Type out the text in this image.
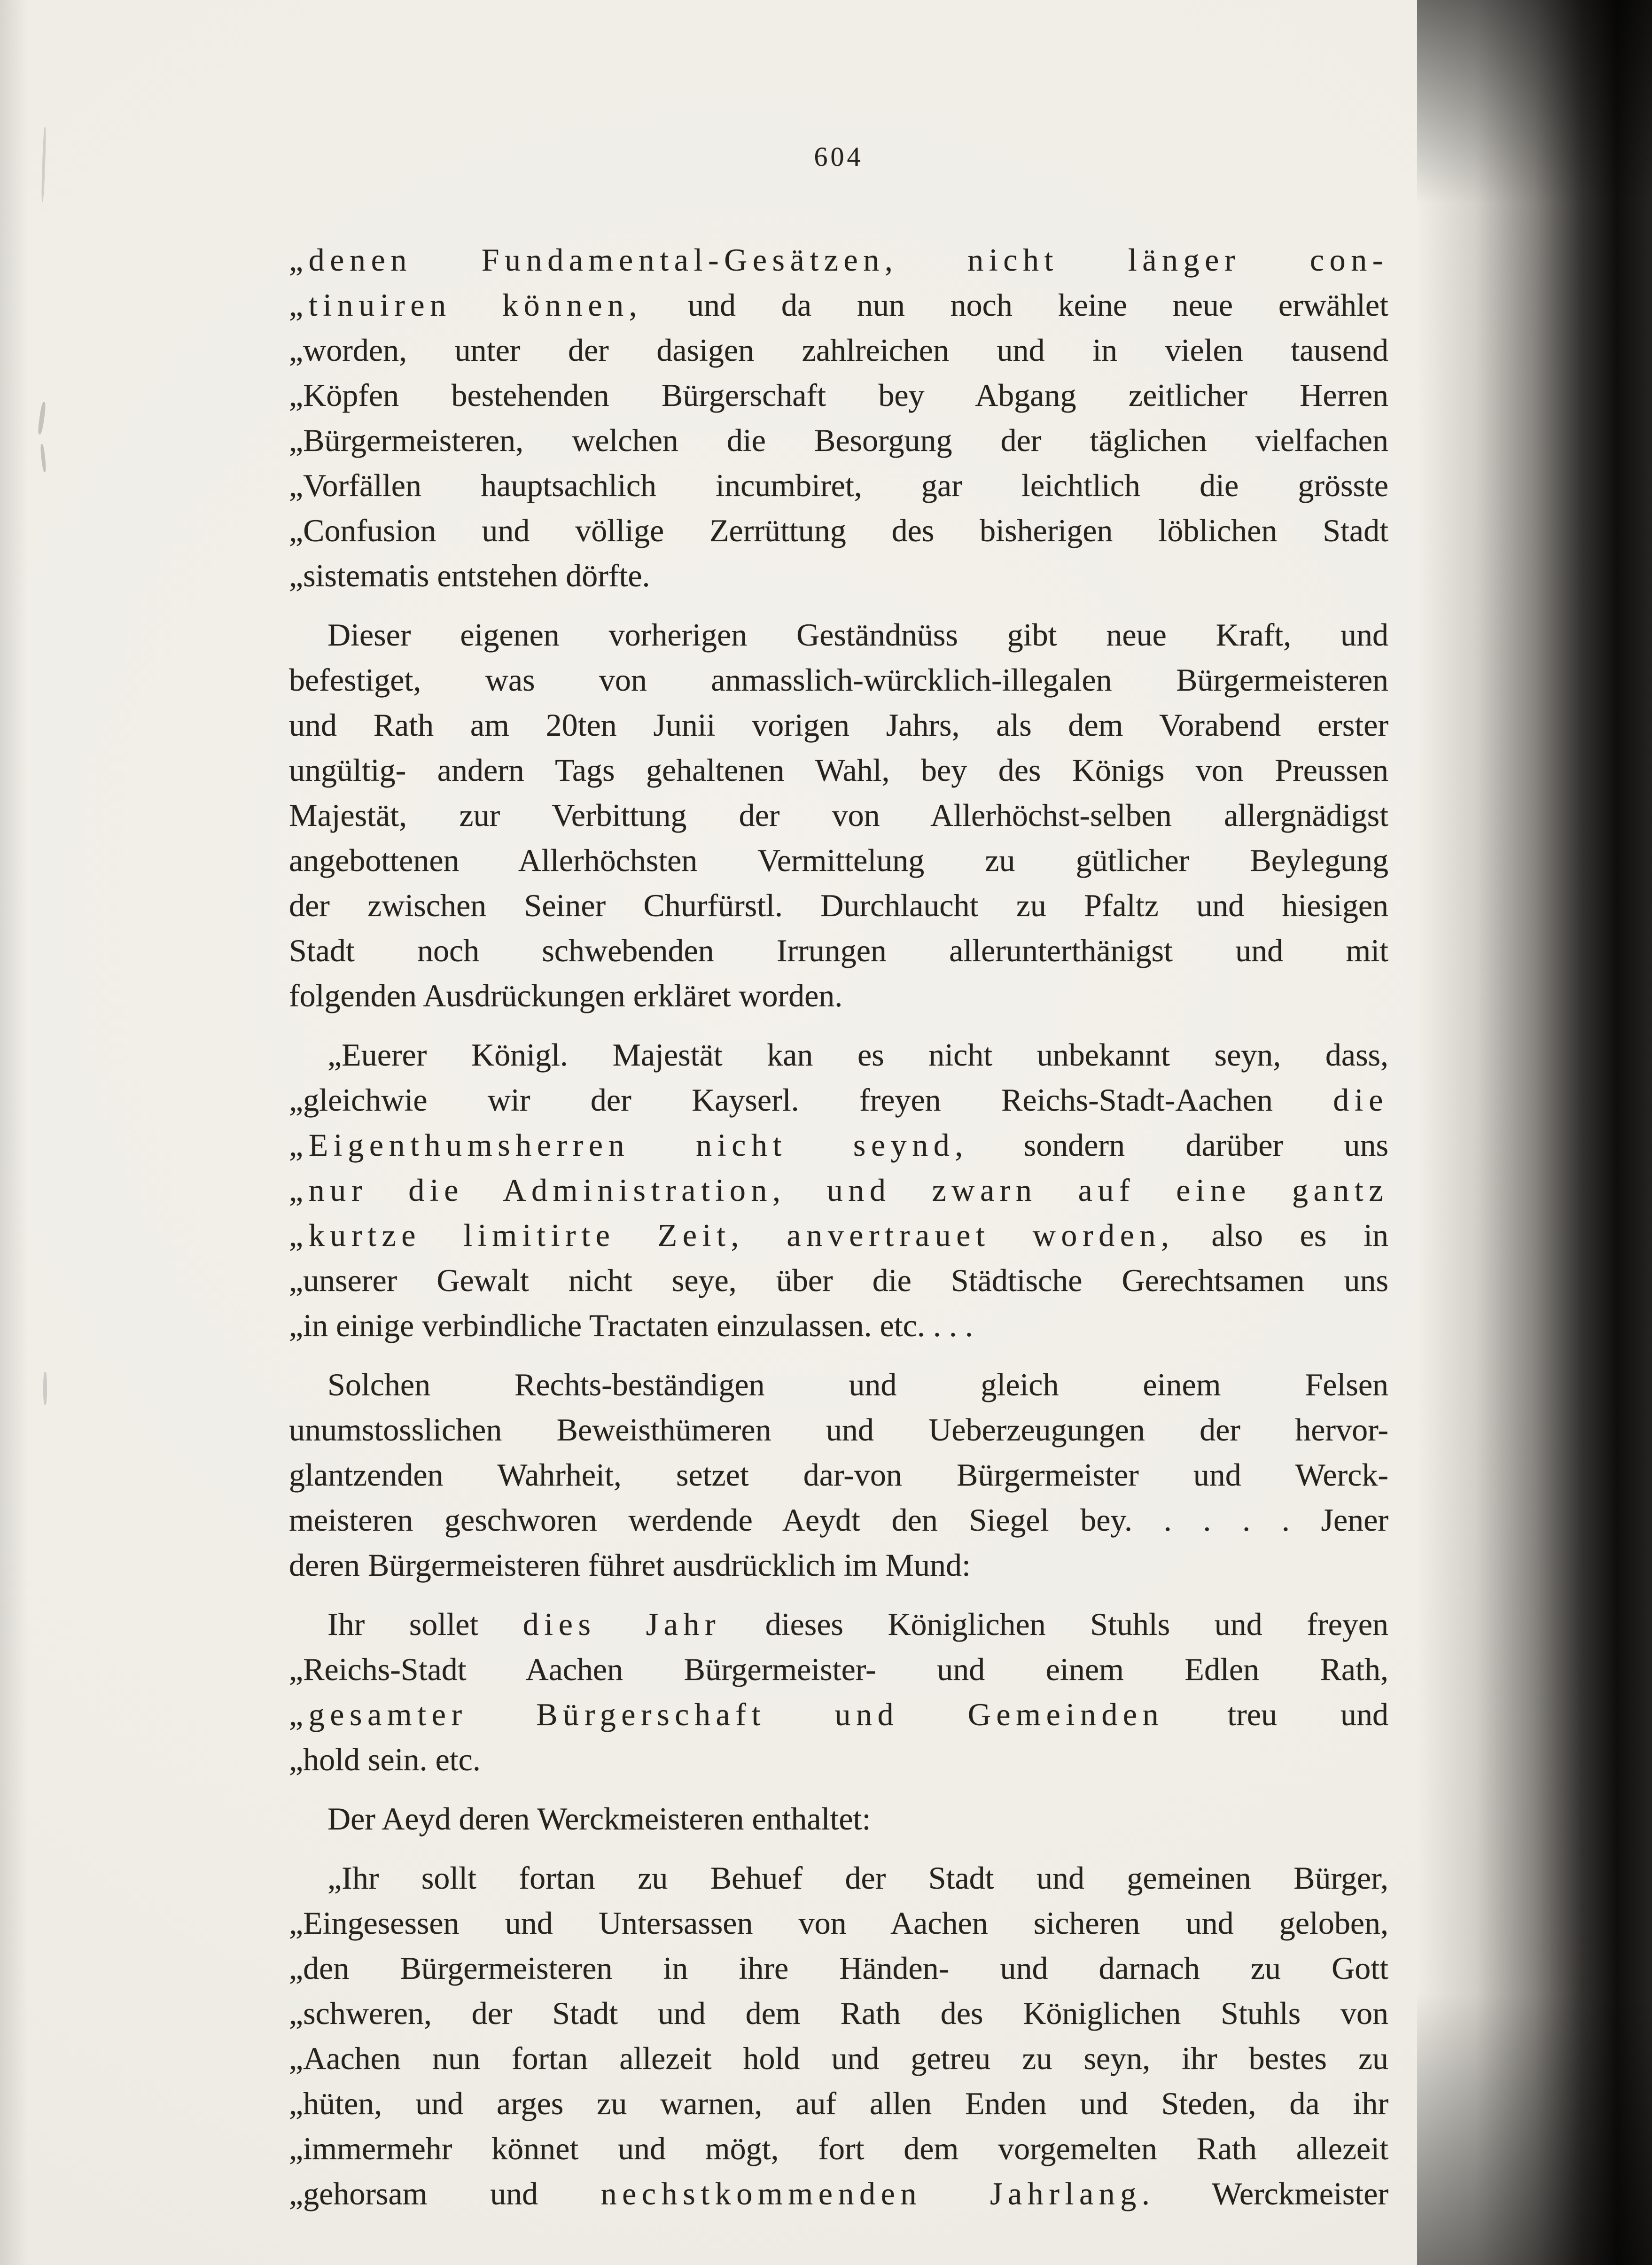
604
„denen Fundamental-Gesätzen, nicht länger con-
„tinuiren können, und da nun noch keine neue erwählet
„worden, unter der dasigen zahlreichen und in vielen tausend
„Köpfen bestehenden Bürgerschaft bey Abgang zeitlicher Herren
„Bürgermeisteren, welchen die Besorgung der täglichen vielfachen
„Vorfällen hauptsachlich incumbiret, gar leichtlich die grösste
„Confusion und völlige Zerrüttung des bisherigen löblichen Stadt
„sistematis entstehen dörfte.
Dieser eigenen vorherigen Geständnüss gibt neue Kraft, und
befestiget, was von anmasslich-würcklich-illegalen Bürgermeisteren
und Rath am 20ten Junii vorigen Jahrs, als dem Vorabend erster
ungültig- andern Tags gehaltenen Wahl, bey des Königs von Preussen
Majestät, zur Verbittung der von Allerhöchst-selben allergnädigst
angebottenen Allerhöchsten Vermittelung zu gütlicher Beylegung
der zwischen Seiner Churfürstl. Durchlaucht zu Pfaltz und hiesigen
Stadt noch schwebenden Irrungen allerunterthänigst und mit
folgenden Ausdrückungen erkläret worden.
„Euerer Königl. Majestät kan es nicht unbekannt seyn, dass,
„gleichwie wir der Kayserl. freyen Reichs-Stadt-Aachen die
„Eigenthumsherren nicht seynd, sondern darüber uns
„nur die Administration, und zwarn auf eine gantz
„kurtze limitirte Zeit, anvertrauet worden, also es in
„unserer Gewalt nicht seye, über die Städtische Gerechtsamen uns
„in einige verbindliche Tractaten einzulassen. etc. . . .
Solchen Rechts-beständigen und gleich einem Felsen
unumstosslichen Beweisthümeren und Ueberzeugungen der hervor-
glantzenden Wahrheit, setzet dar-von Bürgermeister und Werck-
meisteren geschworen werdende Aeydt den Siegel bey. . . . . Jener
deren Bürgermeisteren führet ausdrücklich im Mund:
Ihr sollet dies Jahr dieses Königlichen Stuhls und freyen
„Reichs-Stadt Aachen Bürgermeister- und einem Edlen Rath,
„gesamter Bürgerschaft und Gemeinden treu und
„hold sein. etc.
Der Aeyd deren Werckmeisteren enthaltet:
„Ihr sollt fortan zu Behuef der Stadt und gemeinen Bürger,
„Eingesessen und Untersassen von Aachen sicheren und geloben,
„den Bürgermeisteren in ihre Händen- und darnach zu Gott
„schweren, der Stadt und dem Rath des Königlichen Stuhls von
„Aachen nun fortan allezeit hold und getreu zu seyn, ihr bestes zu
„hüten, und arges zu warnen, auf allen Enden und Steden, da ihr
„immermehr könnet und mögt, fort dem vorgemelten Rath allezeit
„gehorsam und nechstkommenden Jahrlang. Werckmeister
